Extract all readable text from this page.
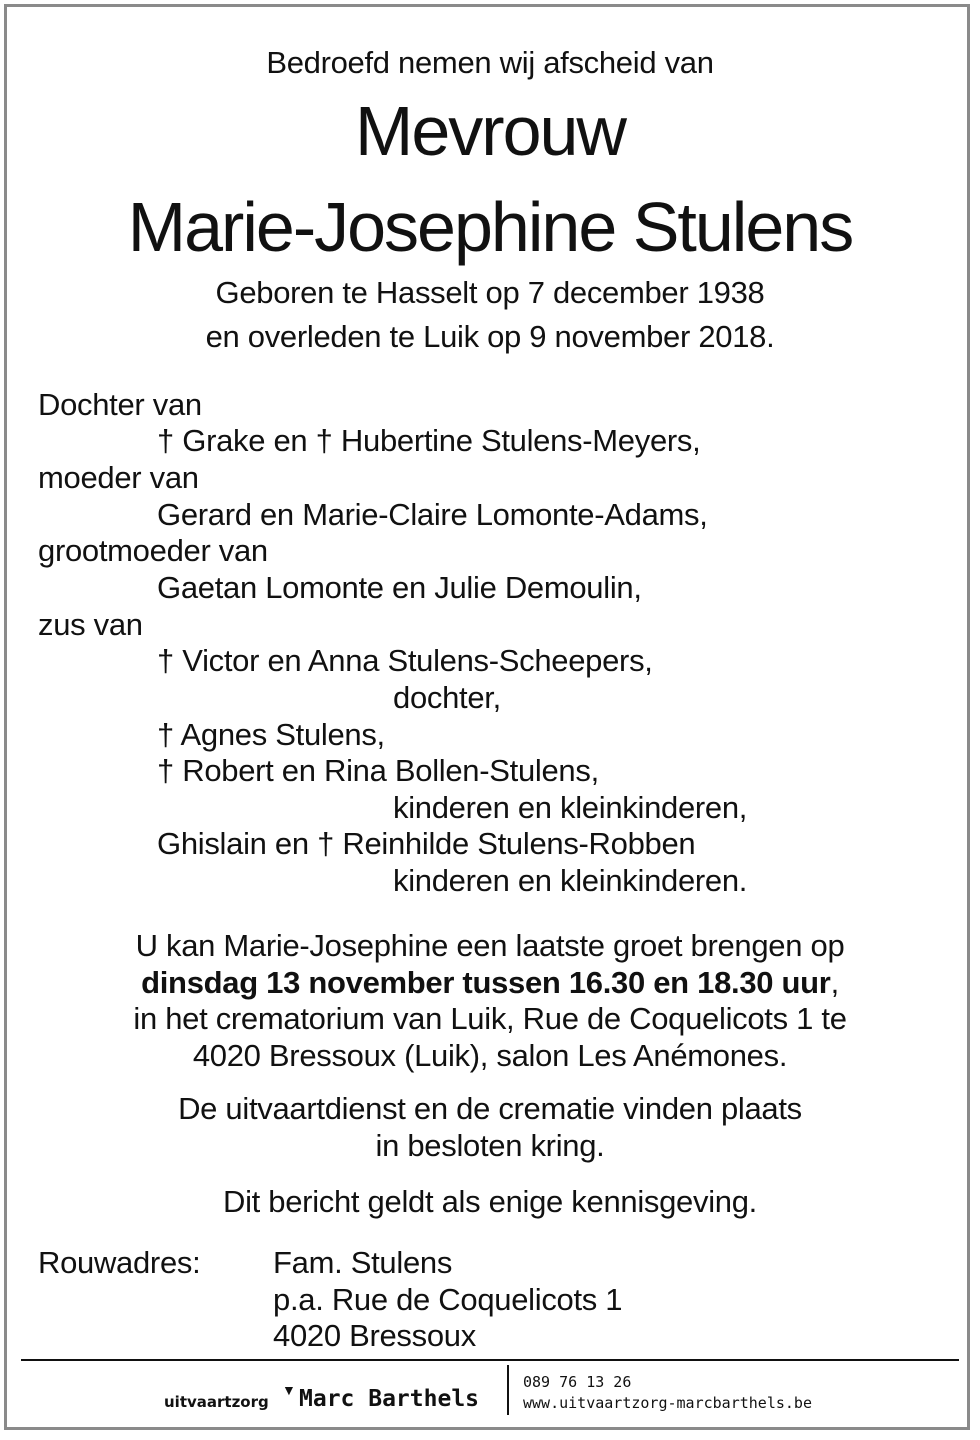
Bedroefd nemen wij afscheid van
Mevrouw
Marie-Josephine Stulens
Geboren te Hasselt op 7 december 1938
en overleden te Luik op 9 november 2018.
Dochter van
† Grake en † Hubertine Stulens-Meyers,
moeder van
Gerard en Marie-Claire Lomonte-Adams,
grootmoeder van
Gaetan Lomonte en Julie Demoulin,
zus van
† Victor en Anna Stulens-Scheepers,
dochter,
† Agnes Stulens,
† Robert en Rina Bollen-Stulens,
kinderen en kleinkinderen,
Ghislain en † Reinhilde Stulens-Robben
kinderen en kleinkinderen.
U kan Marie-Josephine een laatste groet brengen op
dinsdag 13 november tussen 16.30 en 18.30 uur,
in het crematorium van Luik, Rue de Coquelicots 1 te
4020 Bressoux (Luik), salon Les Anémones.
De uitvaartdienst en de crematie vinden plaats
in besloten kring.
Dit bericht geldt als enige kennisgeving.
Rouwadres: Fam. Stulens
p.a. Rue de Coquelicots 1
4020 Bressoux
uitvaartzorg
▼ Marc Barthels
089 76 13 26
www.uitvaartzorg-marcbarthels.be
